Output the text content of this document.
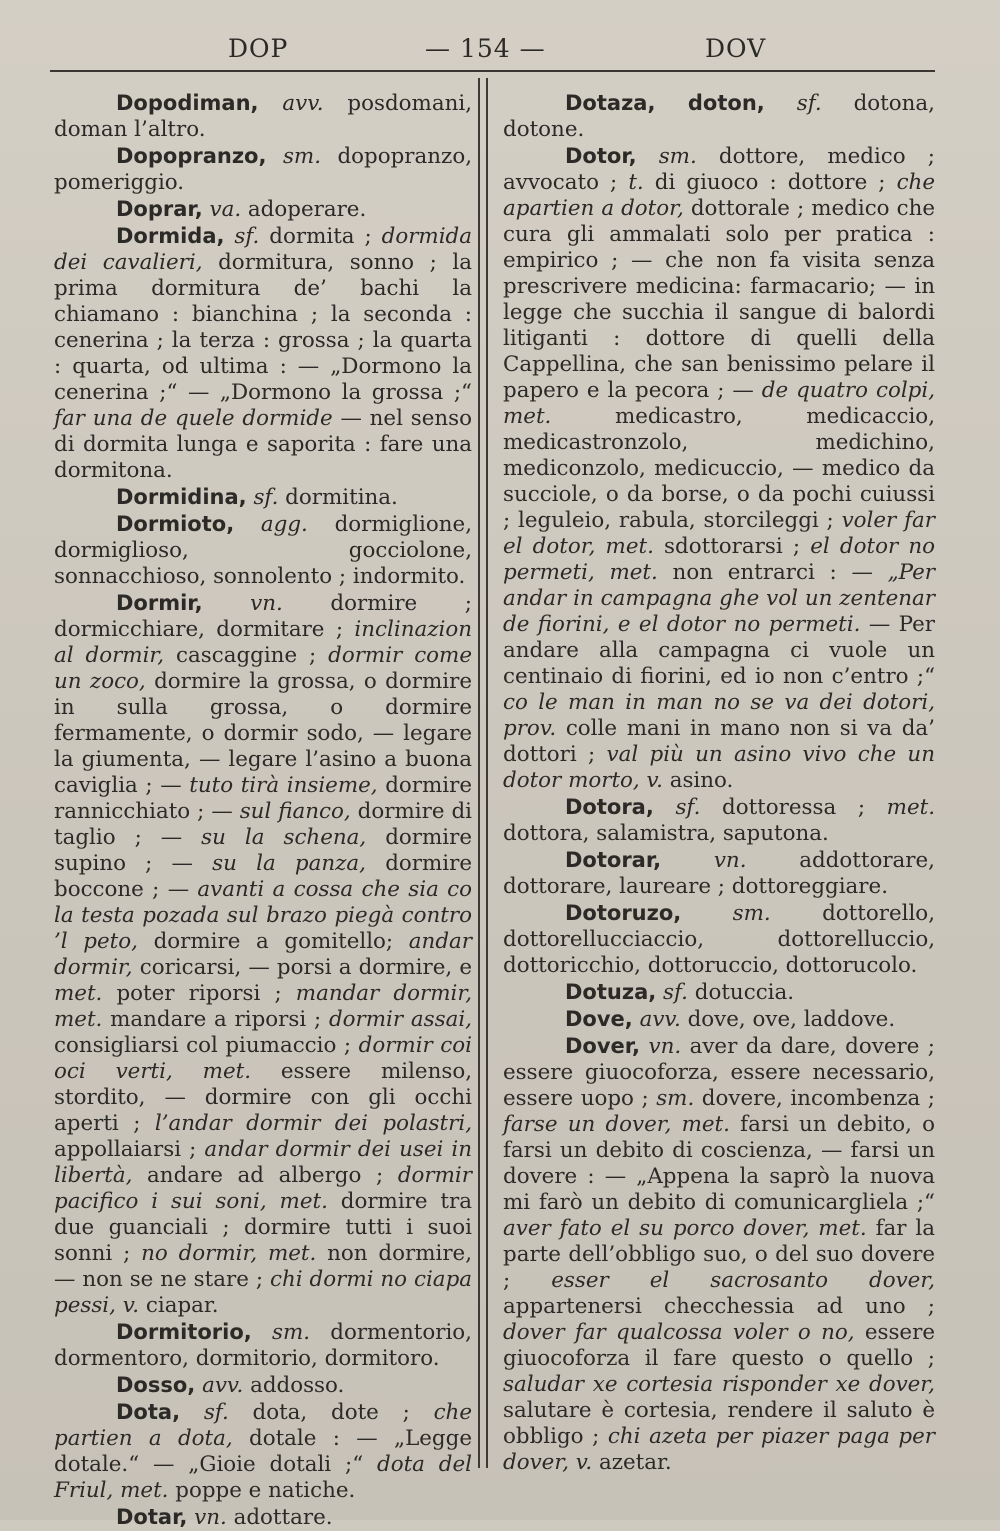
DOP	— 154 —	DOV

Dopodiman, avv. posdomani, doman l’altro.

Dopopranzo, sm. dopopranzo, pomeriggio.

Doprar, va. adoperare.

Dormida, sf. dormita ; dormida dei cavalieri, dormitura, sonno ; la prima dormitura de’ bachi la chiamano : bianchina ; la seconda : cenerina ; la terza : grossa ; la quarta : quarta, od ultima : — „Dormono la cenerina ;“ — „Dormono la grossa ;“ far una de quele dormide — nel senso di dormita lunga e saporita : fare una dormitona.

Dormidina, sf. dormitina.

Dormioto, agg. dormiglione, dormiglioso, gocciolone, sonnacchioso, sonnolento ; indormito.

Dormir, vn. dormire ; dormicchiare, dormitare ; inclinazion al dormir, cascaggine ; dormir come un zoco, dormire la grossa, o dormire in sulla grossa, o dormire fermamente, o dormir sodo, — legare la giumenta, — legare l’asino a buona caviglia ; — tuto tirà insieme, dormire rannicchiato ; — sul fianco, dormire di taglio ; — su la schena, dormire supino ; — su la panza, dormire boccone ; — avanti a cossa che sia co la testa pozada sul brazo piegà contro ’l peto, dormire a gomitello; andar dormir, coricarsi, — porsi a dormire, e met. poter riporsi ; mandar dormir, met. mandare a riporsi ; dormir assai, consigliarsi col piumaccio ; dormir coi oci verti, met. essere milenso, stordito, — dormire con gli occhi aperti ; l’andar dormir dei polastri, appollaiarsi ; andar dormir dei usei in libertà, andare ad albergo ; dormir pacifico i sui soni, met. dormire tra due guanciali ; dormire tutti i suoi sonni ; no dormir, met. non dormire, — non se ne stare ; chi dormi no ciapa pessi, v. ciapar.

Dormitorio, sm. dormentorio, dormentoro, dormitorio, dormitoro.

Dosso, avv. addosso.

Dota, sf. dota, dote ; che partien a dota, dotale : — „Legge dotale.“ — „Gioie dotali ;“ dota del Friul, met. poppe e natiche.

Dotar, vn. adottare.

Dotaza, doton, sf. dotona, dotone.

Dotor, sm. dottore, medico ; avvocato ; t. di giuoco : dottore ; che apartien a dotor, dottorale ; medico che cura gli ammalati solo per pratica : empirico ; — che non fa visita senza prescrivere medicina: farmacario; — in legge che succhia il sangue di balordi litiganti : dottore di quelli della Cappellina, che san benissimo pelare il papero e la pecora ; — de quatro colpi, met. medicastro, medicaccio, medicastronzolo, medichino, mediconzolo, medicuccio, — medico da succiole, o da borse, o da pochi cuiussi ; leguleio, rabula, storcileggi ; voler far el dotor, met. sdottorarsi ; el dotor no permeti, met. non entrarci : — „Per andar in campagna ghe vol un zentenar de fiorini, e el dotor no permeti. — Per andare alla campagna ci vuole un centinaio di fiorini, ed io non c’entro ;“ co le man in man no se va dei dotori, prov. colle mani in mano non si va da’ dottori ; val più un asino vivo che un dotor morto, v. asino.

Dotora, sf. dottoressa ; met. dottora, salamistra, saputona.

Dotorar, vn. addottorare, dottorare, laureare ; dottoreggiare.

Dotoruzo, sm. dottorello, dottorellucciaccio, dottorelluccio, dottoricchio, dottoruccio, dottorucolo.

Dotuza, sf. dotuccia.

Dove, avv. dove, ove, laddove.

Dover, vn. aver da dare, dovere ; essere giuocoforza, essere necessario, essere uopo ; sm. dovere, incombenza ; farse un dover, met. farsi un debito, o farsi un debito di coscienza, — farsi un dovere : — „Appena la saprò la nuova mi farò un debito di comunicargliela ;“ aver fato el su porco dover, met. far la parte dell’obbligo suo, o del suo dovere ; esser el sacrosanto dover, appartenersi checchessia ad uno ; dover far qualcossa voler o no, essere giuocoforza il fare questo o quello ; saludar xe cortesia risponder xe dover, salutare è cortesia, rendere il saluto è obbligo ; chi azeta per piazer paga per dover, v. azetar.
